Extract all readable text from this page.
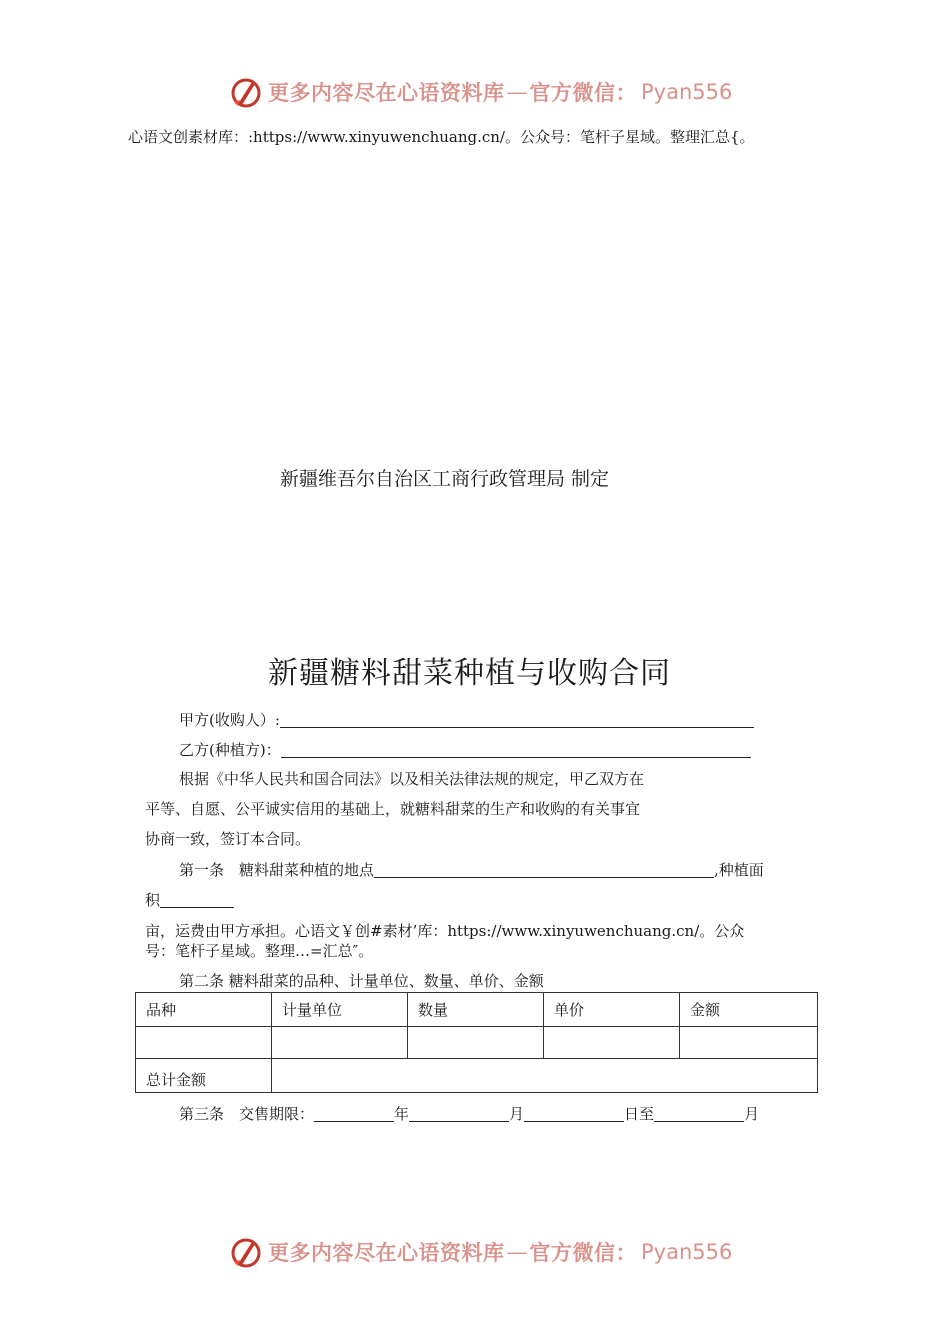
更多内容尽在心语资料库 — 官方微信： Pyan556
心语文创素材库：:https://www.xinyuwenchuang.cn/。公众号：笔杆子星域。整理汇总{。
新疆维吾尔自治区工商行政管理局 制定
新疆糖料甜菜种植与收购合同
甲方(收购人）:
乙方(种植方)：
根据《中华人民共和国合同法》以及相关法律法规的规定，甲乙双方在
平等、自愿、公平诚实信用的基础上，就糖料甜菜的生产和收购的有关事宜
协商一致，签订本合同。
第一条　糖料甜菜种植的地点	,种植面
积
亩，运费由甲方承担。心语文￥创#素材’库：https://www.xinyuwenchuang.cn/。公众
号：笔杆子星域。整理…=汇总″。
第二条 糖料甜菜的品种、计量单位、数量、单价、金额
品种	计量单位	数量	单价	金额

总计金额				
第三条　交售期限：	年	月	日至	月
更多内容尽在心语资料库 — 官方微信： Pyan556
